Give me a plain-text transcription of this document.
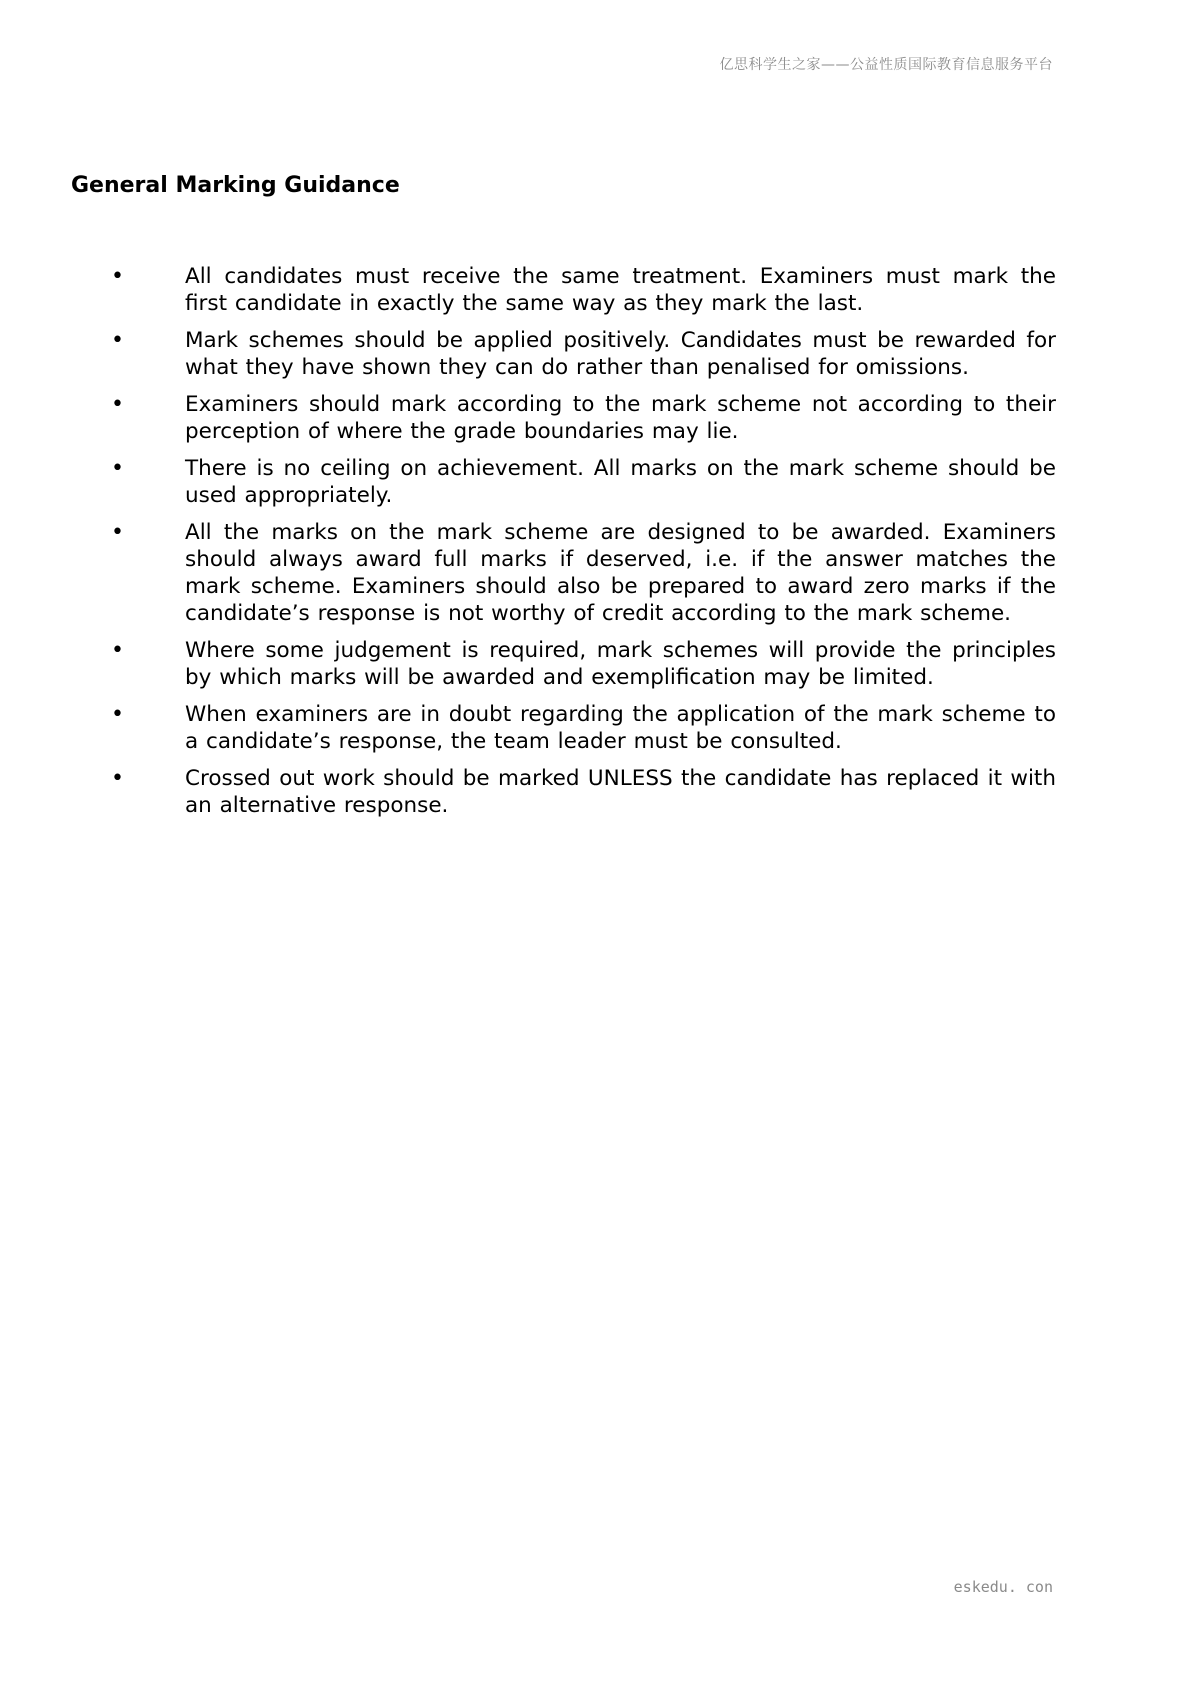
亿思科学生之家——公益性质国际教育信息服务平台
General Marking Guidance
•	All candidates must receive the same treatment. Examiners must mark the first candidate in exactly the same way as they mark the last.
•	Mark schemes should be applied positively. Candidates must be rewarded for what they have shown they can do rather than penalised for omissions.
•	Examiners should mark according to the mark scheme not according to their perception of where the grade boundaries may lie.
•	There is no ceiling on achievement. All marks on the mark scheme should be used appropriately.
•	All the marks on the mark scheme are designed to be awarded. Examiners should always award full marks if deserved, i.e. if the answer matches the mark scheme. Examiners should also be prepared to award zero marks if the candidate’s response is not worthy of credit according to the mark scheme.
•	Where some judgement is required, mark schemes will provide the principles by which marks will be awarded and exemplification may be limited.
•	When examiners are in doubt regarding the application of the mark scheme to a candidate’s response, the team leader must be consulted.
•	Crossed out work should be marked UNLESS the candidate has replaced it with an alternative response.
eskedu. con
